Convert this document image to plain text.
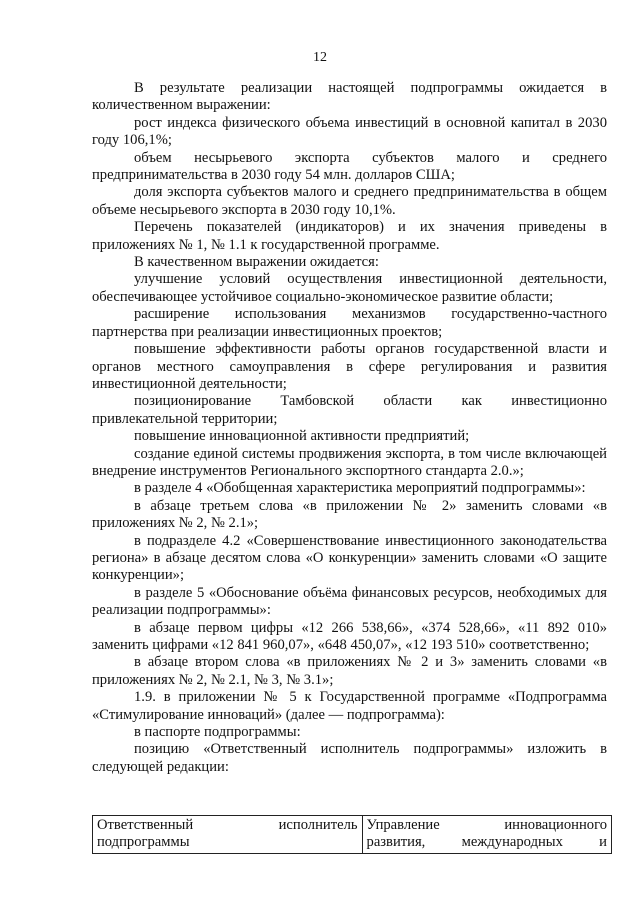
12

В результате реализации настоящей подпрограммы ожидается в количественном выражении:

рост индекса физического объема инвестиций в основной капитал в 2030 году 106,1%;

объем несырьевого экспорта субъектов малого и среднего предпринимательства в 2030 году 54 млн. долларов США;

доля экспорта субъектов малого и среднего предпринимательства в общем объеме несырьевого экспорта в 2030 году 10,1%.

Перечень показателей (индикаторов) и их значения приведены в приложениях № 1, № 1.1 к государственной программе.

В качественном выражении ожидается:

улучшение условий осуществления инвестиционной деятельности, обеспечивающее устойчивое социально-экономическое развитие области;

расширение использования механизмов государственно-частного партнерства при реализации инвестиционных проектов;

повышение эффективности работы органов государственной власти и органов местного самоуправления в сфере регулирования и развития инвестиционной деятельности;

позиционирование Тамбовской области как инвестиционно привлекательной территории;

повышение инновационной активности предприятий;

создание единой системы продвижения экспорта, в том числе включающей внедрение инструментов Регионального экспортного стандарта 2.0.»;

в разделе 4 «Обобщенная характеристика мероприятий подпрограммы»:

в абзаце третьем слова «в приложении № 2» заменить словами «в приложениях № 2, № 2.1»;

в подразделе 4.2 «Совершенствование инвестиционного законодательства региона» в абзаце десятом слова «О конкуренции» заменить словами «О защите конкуренции»;

в разделе 5 «Обоснование объёма финансовых ресурсов, необходимых для реализации подпрограммы»:

в абзаце первом цифры «12 266 538,66», «374 528,66», «11 892 010» заменить цифрами «12 841 960,07», «648 450,07», «12 193 510» соответственно;

в абзаце втором слова «в приложениях № 2 и 3» заменить словами «в приложениях № 2, № 2.1, № 3, № 3.1»;

1.9. в приложении № 5 к Государственной программе «Подпрограмма «Стимулирование инноваций» (далее — подпрограмма):

в паспорте подпрограммы:

позицию «Ответственный исполнитель подпрограммы» изложить в следующей редакции:

Ответственный исполнитель подпрограммы	Управление инновационного развития, международных и
